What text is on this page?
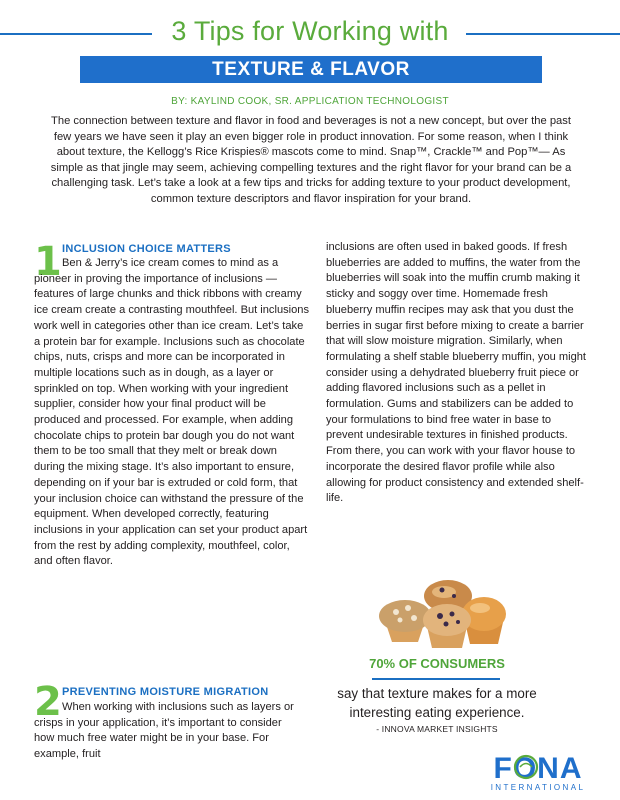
3 Tips for Working with
TEXTURE & FLAVOR
BY: KAYLIND COOK, SR. APPLICATION TECHNOLOGIST
The connection between texture and flavor in food and beverages is not a new concept, but over the past few years we have seen it play an even bigger role in product innovation. For some reason, when I think about texture, the Kellogg’s Rice Krispies® mascots come to mind. Snap™, Crackle™ and Pop™— As simple as that jingle may seem, achieving compelling textures and the right flavor for your brand can be a challenging task. Let’s take a look at a few tips and tricks for adding texture to your product development, common texture descriptors and flavor inspiration for your brand.
1 INCLUSION CHOICE MATTERS
Ben & Jerry’s ice cream comes to mind as a pioneer in proving the importance of inclusions — features of large chunks and thick ribbons with creamy ice cream create a contrasting mouthfeel. But inclusions work well in categories other than ice cream. Let’s take a protein bar for example. Inclusions such as chocolate chips, nuts, crisps and more can be incorporated in multiple locations such as in dough, as a layer or sprinkled on top. When working with your ingredient supplier, consider how your final product will be produced and processed. For example, when adding chocolate chips to protein bar dough you do not want them to be too small that they melt or break down during the mixing stage. It’s also important to ensure, depending on if your bar is extruded or cold form, that your inclusion choice can withstand the pressure of the equipment. When developed correctly, featuring inclusions in your application can set your product apart from the rest by adding complexity, mouthfeel, color, and often flavor.
2 PREVENTING MOISTURE MIGRATION
When working with inclusions such as layers or crisps in your application, it’s important to consider how much free water might be in your base. For example, fruit
inclusions are often used in baked goods. If fresh blueberries are added to muffins, the water from the blueberries will soak into the muffin crumb making it sticky and soggy over time. Homemade fresh blueberry muffin recipes may ask that you dust the berries in sugar first before mixing to create a barrier that will slow moisture migration. Similarly, when formulating a shelf stable blueberry muffin, you might consider using a dehydrated blueberry fruit piece or adding flavored inclusions such as a pellet in formulation. Gums and stabilizers can be added to your formulations to bind free water in base to prevent undesirable textures in finished products. From there, you can work with your flavor house to incorporate the desired flavor profile while also allowing for product consistency and extended shelf-life.
70% OF CONSUMERS
say that texture makes for a more interesting eating experience.
- INNOVA MARKET INSIGHTS
FONA
INTERNATIONAL
